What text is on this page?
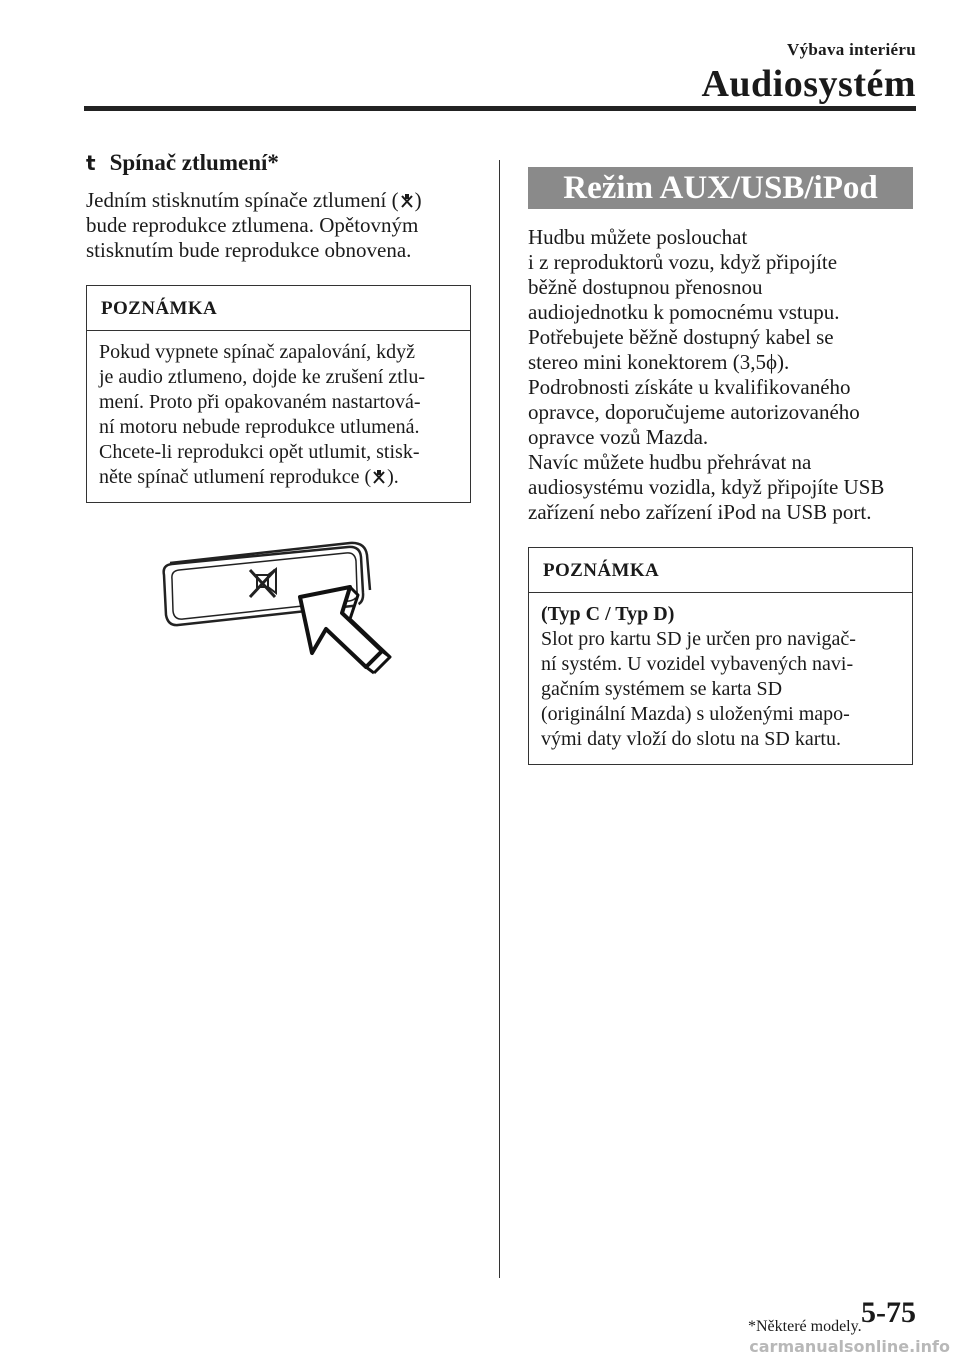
Výbava interiéru
Audiosystém
t Spínač ztlumení*

Jedním stisknutím spínače ztlumení ( )
bude reprodukce ztlumena. Opětovným
stisknutím bude reprodukce obnovena.

POZNÁMKA
Pokud vypnete spínač zapalování, když
je audio ztlumeno, dojde ke zrušení ztlu-
mení. Proto při opakovaném nastartová-
ní motoru nebude reprodukce utlumená.
Chcete-li reprodukci opět utlumit, stisk-
něte spínač utlumení reprodukce ( ).
Režim AUX/USB/iPod

Hudbu můžete poslouchat
i z reproduktorů vozu, když připojíte
běžně dostupnou přenosnou
audiojednotku k pomocnému vstupu.
Potřebujete běžně dostupný kabel se
stereo mini konektorem (3,5ϕ).
Podrobnosti získáte u kvalifikovaného
opravce, doporučujeme autorizovaného
opravce vozů Mazda.
Navíc můžete hudbu přehrávat na
audiosystému vozidla, když připojíte USB
zařízení nebo zařízení iPod na USB port.

POZNÁMKA
(Typ C / Typ D)
Slot pro kartu SD je určen pro navigač-
ní systém. U vozidel vybavených navi-
gačním systémem se karta SD
(originální Mazda) s uloženými mapo-
vými daty vloží do slotu na SD kartu.
*Některé modely. 5-75
carmanualsonline.info
